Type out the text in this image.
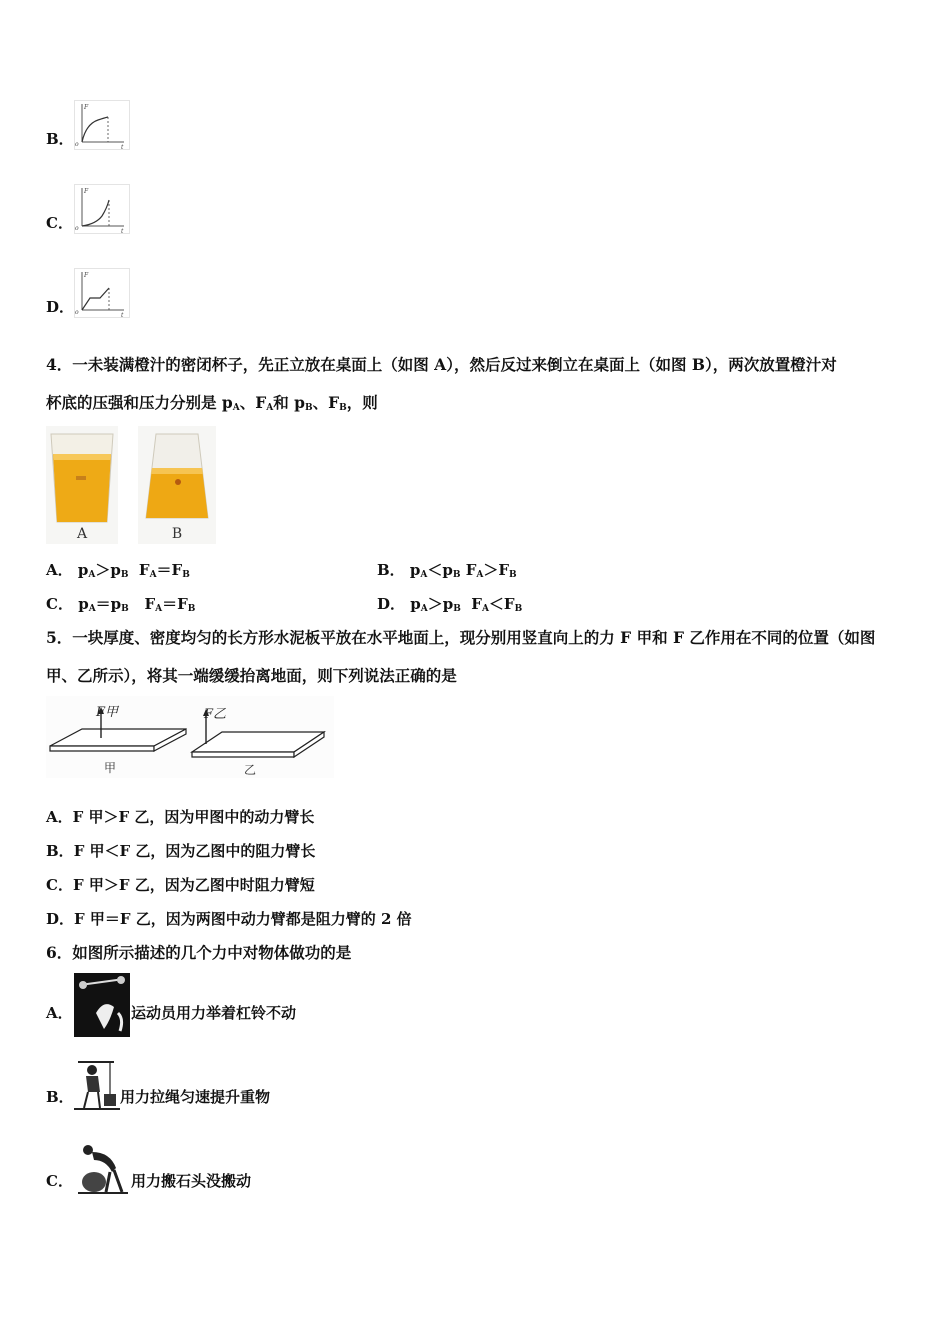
B．
F
o	t
C．
F
o	t
D．
F
o	t
4．一未装满橙汁的密闭杯子，先正立放在桌面上（如图 A），然后反过来倒立在桌面上（如图 B），两次放置橙汁对
杯底的压强和压力分别是 $p_A$、$F_A$和 $p_B$、$F_B$，则
A	B
A． $p_A>p_B$  $F_A=F_B$	B． $p_A<p_B$ $F_A>F_B$
C． $p_A=p_B$   $F_A=F_B$	D． $p_A>p_B$  $F_A<F_B$
5．一块厚度、密度均匀的长方形水泥板平放在水平地面上，现分别用竖直向上的力 F 甲和 F 乙作用在不同的位置（如图
甲、乙所示），将其一端缓缓抬离地面，则下列说法正确的是
F甲
甲
F乙
乙
A．F 甲＞F 乙，因为甲图中的动力臂长
B．F 甲＜F 乙，因为乙图中的阻力臂长
C．F 甲＞F 乙，因为乙图中时阻力臂短
D．F 甲＝F 乙，因为两图中动力臂都是阻力臂的 2 倍
6．如图所示描述的几个力中对物体做功的是
A．	运动员用力举着杠铃不动
B．	用力拉绳匀速提升重物
C．	用力搬石头没搬动
